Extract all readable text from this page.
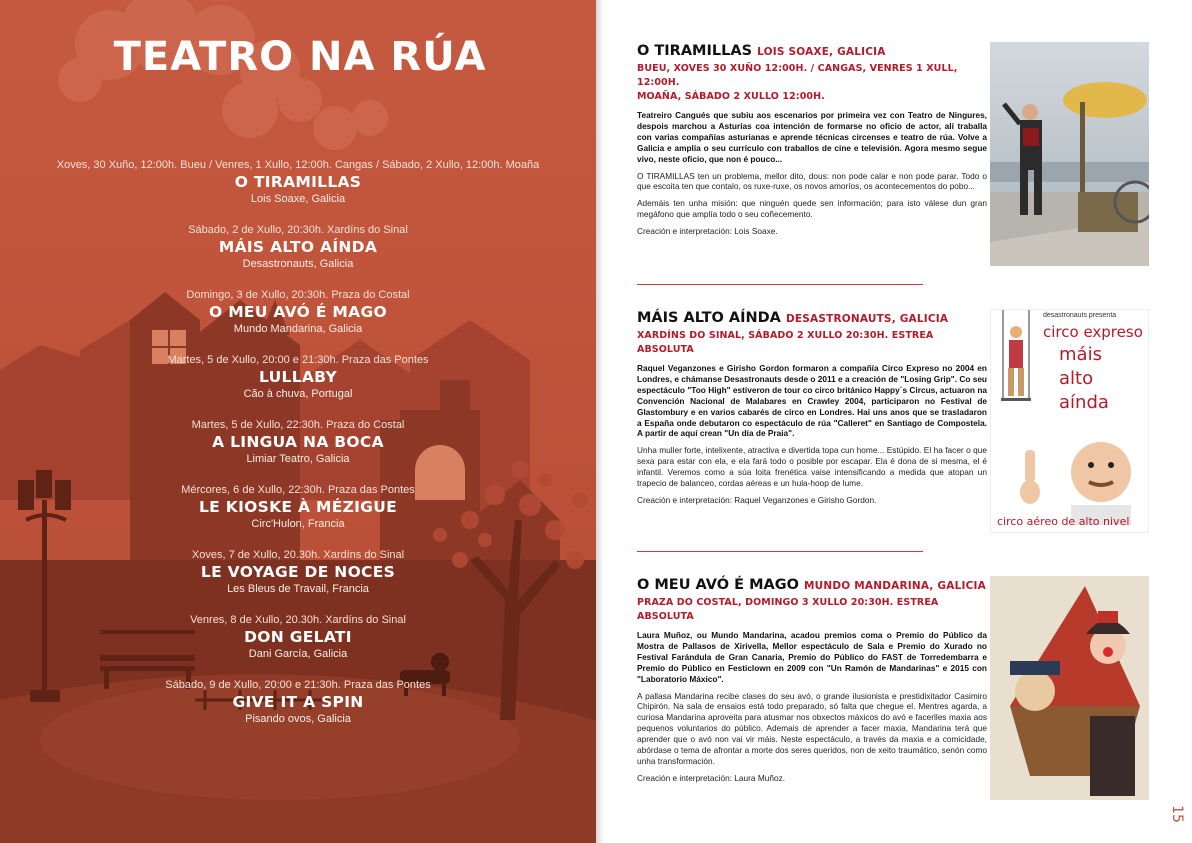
TEATRO NA RÚA
Xoves, 30 Xuño, 12:00h. Bueu / Venres, 1 Xullo, 12:00h. Cangas / Sábado, 2 Xullo, 12:00h. Moaña
O TIRAMILLAS
Lois Soaxe, Galicia
Sábado, 2 de Xullo, 20:30h. Xardíns do Sinal
MÁIS ALTO AÍNDA
Desastronauts, Galicia
Domingo, 3 de Xullo, 20:30h. Praza do Costal
O MEU AVÓ É MAGO
Mundo Mandarina, Galicia
Martes, 5 de Xullo, 20:00 e 21:30h. Praza das Pontes
LULLABY
Cão à chuva, Portugal
Martes, 5 de Xullo, 22:30h. Praza do Costal
A LINGUA NA BOCA
Limiar Teatro, Galicia
Mércores, 6 de Xullo, 22:30h. Praza das Pontes
LE KIOSKE À MÉZIGUE
Circ'Hulon, Francia
Xoves, 7 de Xullo, 20.30h. Xardíns do Sinal
LE VOYAGE DE NOCES
Les Bleus de Travail, Francia
Venres, 8 de Xullo, 20.30h. Xardíns do Sinal
DON GELATI
Dani García, Galicia
Sábado, 9 de Xullo, 20:00 e 21:30h. Praza das Pontes
GIVE IT A SPIN
Pisando ovos, Galicia
O TIRAMILLAS LOIS SOAXE, GALICIA
BUEU, XOVES 30 XUÑO 12:00H. / CANGAS, VENRES 1 XULL, 12:00H.
MOAÑA, SÁBADO 2 XULLO 12:00H.

Teatreiro Cangués que subiu aos escenarios por primeira vez con Teatro de Ningures, despois marchou a Asturias coa intención de formarse no oficio de actor, alí traballa con varias compañías asturianas e aprende técnicas circenses e teatro de rúa. Volve a Galicia e amplía o seu currículo con traballos de cine e televisión. Agora mesmo segue vivo, neste oficio, que non é pouco...

O TIRAMILLAS ten un problema, mellor dito, dous: non pode calar e non pode parar. Todo o que escoita ten que contalo, os ruxe-ruxe, os novos amoríos, os acontecementos do pobo...

Ademáis ten unha misión: que ninguén quede sen información; para isto válese dun gran megáfono que amplía todo o seu coñecemento.

Creación e interpretación: Lois Soaxe.

MÁIS ALTO AÍNDA DESASTRONAUTS, GALICIA
XARDÍNS DO SINAL, SÁBADO 2 XULLO 20:30H. ESTREA ABSOLUTA

Raquel Veganzones e Girisho Gordon formaron a compañía Circo Expreso no 2004 en Londres, e chámanse Desastronauts desde o 2011 e a creación de "Losing Grip". Co seu espectáculo "Too High" estiveron de tour co circo británico Happy´s Circus, actuaron na Convención Nacional de Malabares en Crawley 2004, participaron no Festival de Glastombury e en varios cabarés de circo en Londres. Hai uns anos que se trasladaron a España onde debutaron co espectáculo de rúa "Calleret" en Santiago de Compostela. A partir de aquí crean "Un día de Praia".

Unha muller forte, intelixente, atractiva e divertida topa cun home... Estúpido. El ha facer o que sexa para estar con ela, e ela fará todo o posible por escapar. Ela é dona de si mesma, el é infantil. Veremos como a súa loita frenética vaise intensificando a medida que atopan un trapecio de balanceo, cordas aéreas e un hula-hoop de lume.

Creación e interpretación: Raquel Veganzones e Girisho Gordon.

desastronauts presenta
circo expreso
máis
alto
aínda
circo aéreo de alto nivel
O MEU AVÓ É MAGO MUNDO MANDARINA, GALICIA
PRAZA DO COSTAL, DOMINGO 3 XULLO 20:30H. ESTREA ABSOLUTA

Laura Muñoz, ou Mundo Mandarina, acadou premios coma o Premio do Público da Mostra de Pallasos de Xirivella, Mellor espectáculo de Sala e Premio do Xurado no Festival Farándula de Gran Canaria, Premio do Público do FAST de Torredembarra e Premio do Público en Festiclown en 2009 con "Un Ramón de Mandarinas" e 2015 con "Laboratorio Máxico".

A pallasa Mandarina recibe clases do seu avó, o grande ilusionista e prestidixitador Casimiro Chipirón. Na sala de ensaios está todo preparado, só falta que chegue el. Mentres agarda, a curiosa Mandarina aproveita para atusmar nos obxectos máxicos do avó e facerlles maxia aos pequenos voluntarios do público. Ademais de aprender a facer maxia, Mandarina terá que aprender que o avó non vai vir máis. Neste espectáculo, a través da maxia e a comicidade, abórdase o tema de afrontar a morte dos seres queridos, non de xeito traumático, senón como unha transformación.

Creación e interpretación: Laura Muñoz.

15
